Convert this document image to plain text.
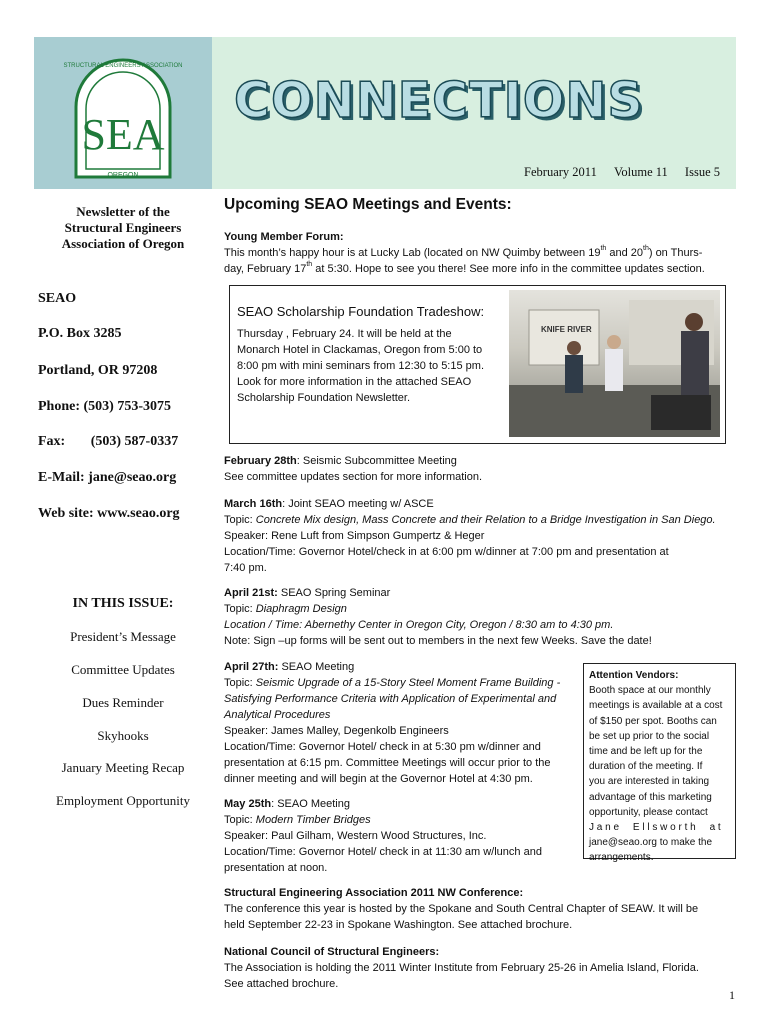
SEA
OREGON
STRUCTURAL ENGINEERS ASSOCIATION
CONNECTIONS
February 2011 Volume 11 Issue 5
Newsletter of the
Structural Engineers
Association of Oregon
SEAO
P.O. Box 3285
Portland, OR 97208
Phone: (503) 753-3075
Fax: (503) 587-0337
E-Mail: jane@seao.org
Web site: www.seao.org
IN THIS ISSUE:
President’s Message
Committee Updates
Dues Reminder
Skyhooks
January Meeting Recap
Employment Opportunity
Upcoming SEAO Meetings and Events:
Young Member Forum:
This month’s happy hour is at Lucky Lab (located on NW Quimby between 19th and 20th) on Thurs-
day, February 17th at 5:30. Hope to see you there! See more info in the committee updates section.
SEAO Scholarship Foundation Tradeshow:
Thursday , February 24. It will be held at the
Monarch Hotel in Clackamas, Oregon from 5:00 to
8:00 pm with mini seminars from 12:30 to 5:15 pm.
Look for more information in the attached SEAO
Scholarship Foundation Newsletter.
KNIFE RIVER
February 28th: Seismic Subcommittee Meeting
See committee updates section for more information.
March 16th: Joint SEAO meeting w/ ASCE
Topic: Concrete Mix design, Mass Concrete and their Relation to a Bridge Investigation in San Diego.
Speaker: Rene Luft from Simpson Gumpertz & Heger
Location/Time: Governor Hotel/check in at 6:00 pm w/dinner at 7:00 pm and presentation at
7:40 pm.
April 21st: SEAO Spring Seminar
Topic: Diaphragm Design
Location / Time: Abernethy Center in Oregon City, Oregon / 8:30 am to 4:30 pm.
Note: Sign –up forms will be sent out to members in the next few Weeks. Save the date!
April 27th: SEAO Meeting
Topic: Seismic Upgrade of a 15-Story Steel Moment Frame Building -
Satisfying Performance Criteria with Application of Experimental and
Analytical Procedures
Speaker: James Malley, Degenkolb Engineers
Location/Time: Governor Hotel/ check in at 5:30 pm w/dinner and
presentation at 6:15 pm. Committee Meetings will occur prior to the
dinner meeting and will begin at the Governor Hotel at 4:30 pm.
May 25th: SEAO Meeting
Topic: Modern Timber Bridges
Speaker: Paul Gilham, Western Wood Structures, Inc.
Location/Time: Governor Hotel/ check in at 11:30 am w/lunch and
presentation at noon.
Attention Vendors:
Booth space at our monthly
meetings is available at a cost
of $150 per spot. Booths can
be set up prior to the social
time and be left up for the
duration of the meeting. If
you are interested in taking
advantage of this marketing
opportunity, please contact
J a n e     E l l s w o r t h     a t
jane@seao.org to make the
arrangements.
Structural Engineering Association 2011 NW Conference:
The conference this year is hosted by the Spokane and South Central Chapter of SEAW. It will be
held September 22-23 in Spokane Washington. See attached brochure.
National Council of Structural Engineers:
The Association is holding the 2011 Winter Institute from February 25-26 in Amelia Island, Florida.
See attached brochure.
1
